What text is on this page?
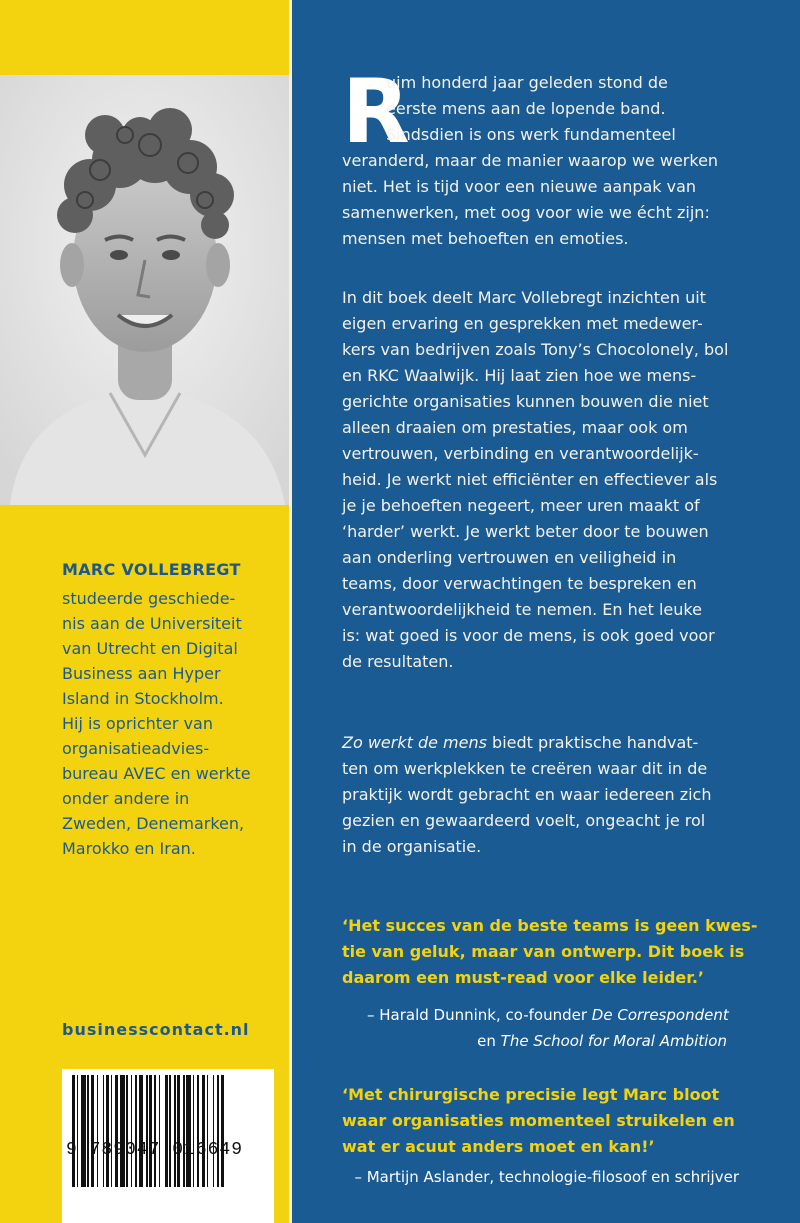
MARC VOLLEBREGT
studeerde geschiede-
nis aan de Universiteit
van Utrecht en Digital
Business aan Hyper
Island in Stockholm.
Hij is oprichter van
organisatieadvies-
bureau AVEC en werkte
onder andere in
Zweden, Denemarken,
Marokko en Iran.
businesscontact.nl
9 789047 016649
R
uim honderd jaar geleden stond de
eerste mens aan de lopende band.
Sindsdien is ons werk fundamenteel
veranderd, maar de manier waarop we werken
niet. Het is tijd voor een nieuwe aanpak van
samenwerken, met oog voor wie we écht zijn:
mensen met behoeften en emoties.
In dit boek deelt Marc Vollebregt inzichten uit
eigen ervaring en gesprekken met medewer-
kers van bedrijven zoals Tony’s Chocolonely, bol
en RKC Waalwijk. Hij laat zien hoe we mens-
gerichte organisaties kunnen bouwen die niet
alleen draaien om prestaties, maar ook om
vertrouwen, verbinding en verantwoordelijk-
heid. Je werkt niet efficiënter en effectiever als
je je behoeften negeert, meer uren maakt of
‘harder’ werkt. Je werkt beter door te bouwen
aan onderling vertrouwen en veiligheid in
teams, door verwachtingen te bespreken en
verantwoordelijkheid te nemen. En het leuke
is: wat goed is voor de mens, is ook goed voor
de resultaten.
Zo werkt de mens biedt praktische handvat-
ten om werkplekken te creëren waar dit in de
praktijk wordt gebracht en waar iedereen zich
gezien en gewaardeerd voelt, ongeacht je rol
in de organisatie.
‘Het succes van de beste teams is geen kwes-
tie van geluk, maar van ontwerp. Dit boek is
daarom een must-read voor elke leider.’
– Harald Dunnink, co-founder De Correspondent
en The School for Moral Ambition
‘Met chirurgische precisie legt Marc bloot
waar organisaties momenteel struikelen en
wat er acuut anders moet en kan!’
– Martijn Aslander, technologie-filosoof en schrijver
